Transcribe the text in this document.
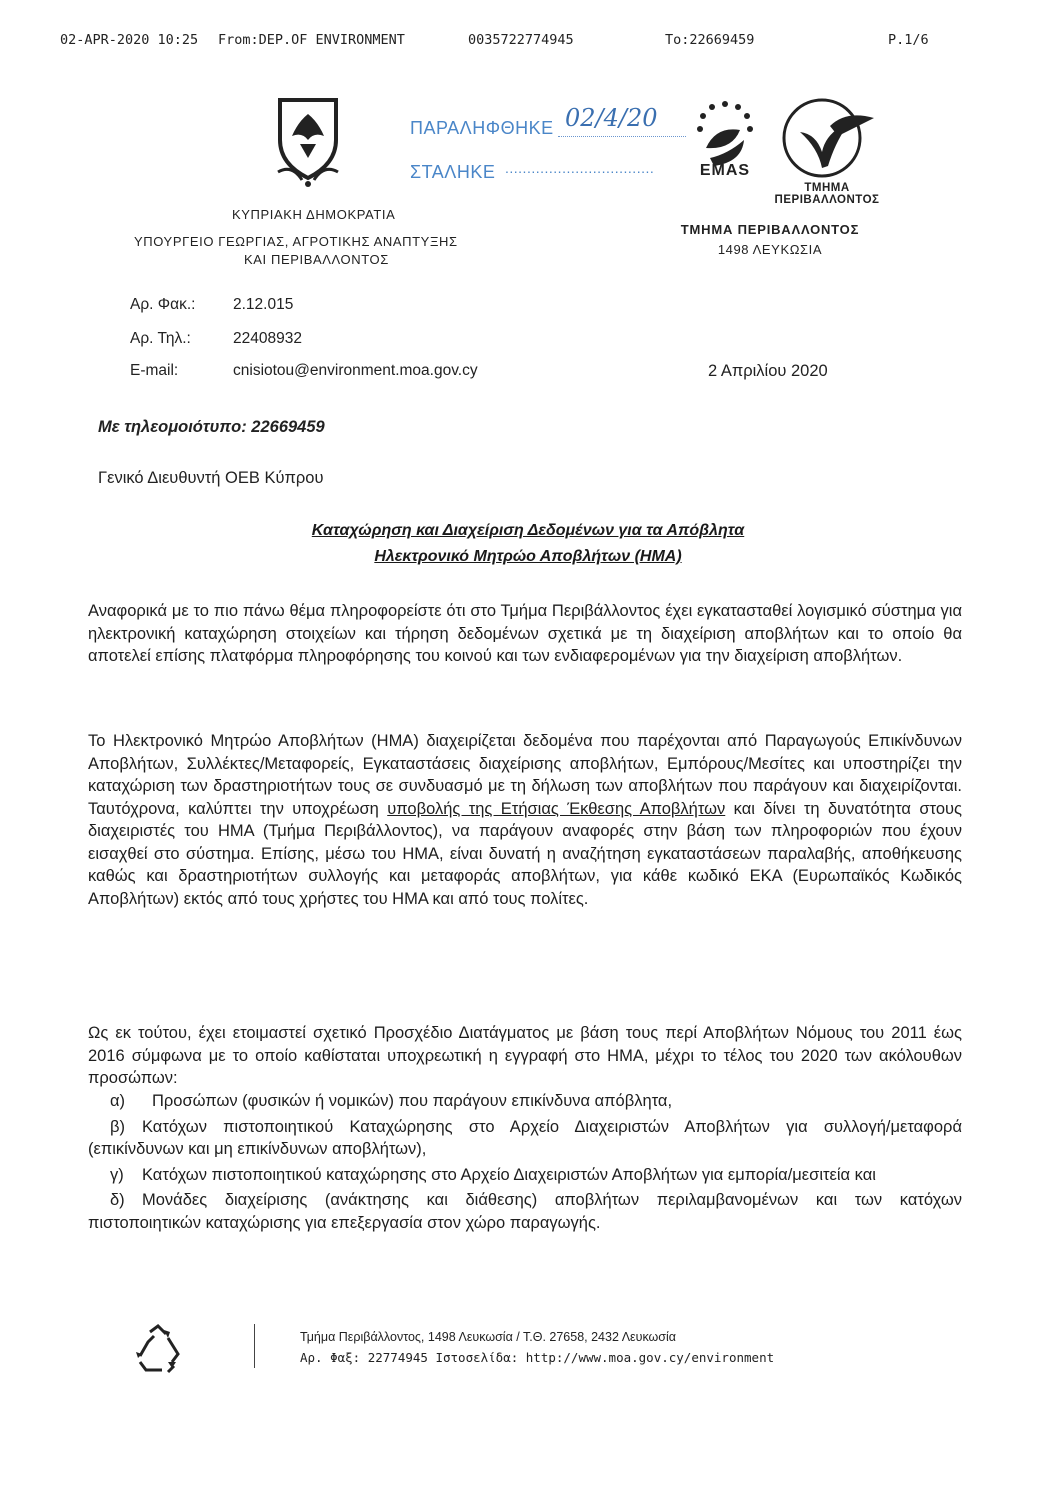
02-APR-2020 10:25 From:DEP.OF ENVIRONMENT	0035722774945	To:22669459	P.1/6
ΠΑΡΑΛΗΦΘΗΚΕ 02/4/20
ΣΤΑΛΗΚΕ ..................................	EMAS
ΤΜΗΜΑ ΠΕΡΙΒΑΛΛΟΝΤΟΣ
ΚΥΠΡΙΑΚΗ ΔΗΜΟΚΡΑΤΙΑ
ΥΠΟΥΡΓΕΙΟ ΓΕΩΡΓΙΑΣ, ΑΓΡΟΤΙΚΗΣ ΑΝΑΠΤΥΞΗΣ
ΚΑΙ ΠΕΡΙΒΑΛΛΟΝΤΟΣ
ΤΜΗΜΑ ΠΕΡΙΒΑΛΛΟΝΤΟΣ
1498 ΛΕΥΚΩΣΙΑ
Αρ. Φακ.: 2.12.015
Αρ. Τηλ.:	22408932
E-mail:	cnisiotou@environment.moa.gov.cy	2 Απριλίου 2020
Με τηλεομοιότυπο: 22669459
Γενικό Διευθυντή ΟΕΒ Κύπρου
Καταχώρηση και Διαχείριση Δεδομένων για τα Απόβλητα
Ηλεκτρονικό Μητρώο Αποβλήτων (ΗΜΑ)
Αναφορικά με το πιο πάνω θέμα πληροφορείστε ότι στο Τμήμα Περιβάλλοντος έχει εγκατασταθεί λογισμικό σύστημα για ηλεκτρονική καταχώρηση στοιχείων και τήρηση δεδομένων σχετικά με τη διαχείριση αποβλήτων και το οποίο θα αποτελεί επίσης πλατφόρμα πληροφόρησης του κοινού και των ενδιαφερομένων για την διαχείριση αποβλήτων.
Το Ηλεκτρονικό Μητρώο Αποβλήτων (ΗΜΑ) διαχειρίζεται δεδομένα που παρέχονται από Παραγωγούς Επικίνδυνων Αποβλήτων, Συλλέκτες/Μεταφορείς, Εγκαταστάσεις διαχείρισης αποβλήτων, Εμπόρους/Μεσίτες και υποστηρίζει την καταχώριση των δραστηριοτήτων τους σε συνδυασμό με τη δήλωση των αποβλήτων που παράγουν και διαχειρίζονται. Ταυτόχρονα, καλύπτει την υποχρέωση υποβολής της Ετήσιας Έκθεσης Αποβλήτων και δίνει τη δυνατότητα στους διαχειριστές του ΗΜΑ (Τμήμα Περιβάλλοντος), να παράγουν αναφορές στην βάση των πληροφοριών που έχουν εισαχθεί στο σύστημα. Επίσης, μέσω του ΗΜΑ, είναι δυνατή η αναζήτηση εγκαταστάσεων παραλαβής, αποθήκευσης καθώς και δραστηριοτήτων συλλογής και μεταφοράς αποβλήτων, για κάθε κωδικό ΕΚΑ (Ευρωπαϊκός Κωδικός Αποβλήτων) εκτός από τους χρήστες του ΗΜΑ και από τους πολίτες.
Ως εκ τούτου, έχει ετοιμαστεί σχετικό Προσχέδιο Διατάγματος με βάση τους περί Αποβλήτων Νόμους του 2011 έως 2016 σύμφωνα με το οποίο καθίσταται υποχρεωτική η εγγραφή στο ΗΜΑ, μέχρι το τέλος του 2020 των ακόλουθων προσώπων:
α) Προσώπων (φυσικών ή νομικών) που παράγουν επικίνδυνα απόβλητα,
β) Κατόχων πιστοποιητικού Καταχώρησης στο Αρχείο Διαχειριστών Αποβλήτων για συλλογή/μεταφορά (επικίνδυνων και μη επικίνδυνων αποβλήτων),
γ) Κατόχων πιστοποιητικού καταχώρησης στο Αρχείο Διαχειριστών Αποβλήτων για εμπορία/μεσιτεία και
δ) Μονάδες διαχείρισης (ανάκτησης και διάθεσης) αποβλήτων περιλαμβανομένων και των κατόχων πιστοποιητικών καταχώρισης για επεξεργασία στον χώρο παραγωγής.
Τμήμα Περιβάλλοντος, 1498 Λευκωσία / Τ.Θ. 27658, 2432 Λευκωσία
Αρ. Φαξ: 22774945 Ιστοσελίδα: http://www.moa.gov.cy/environment
